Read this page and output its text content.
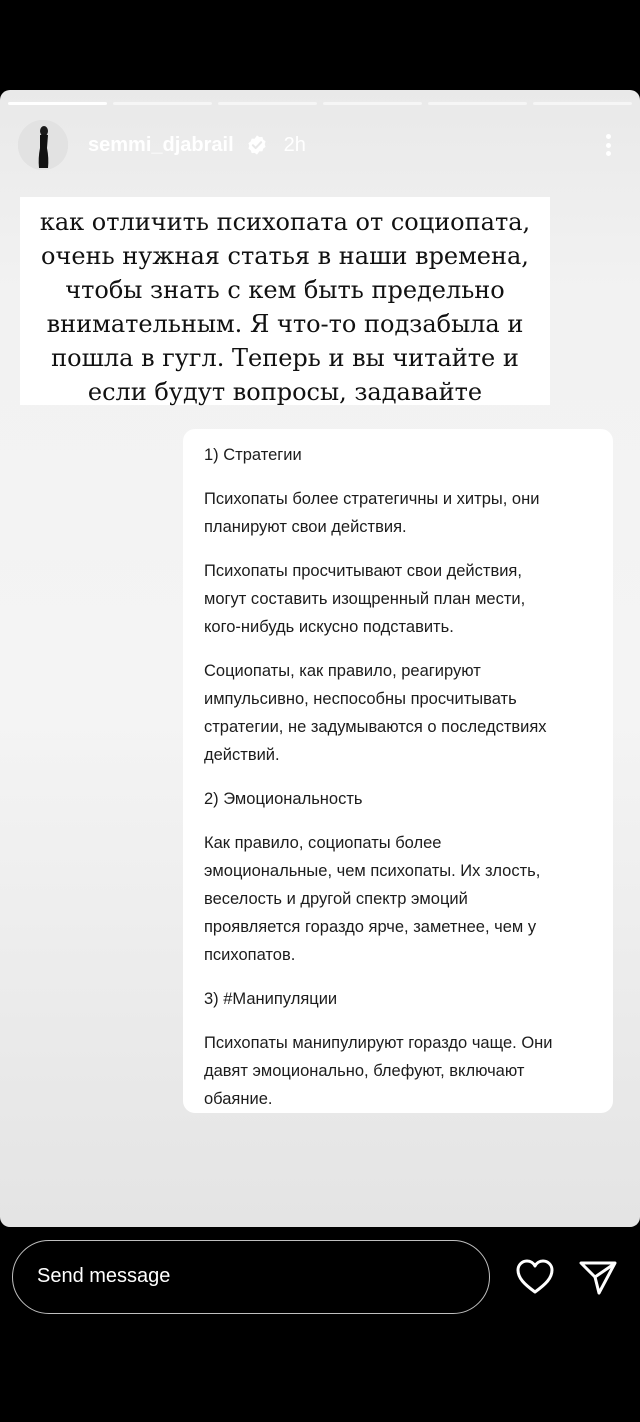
semmi_djabrail	2h
как отличить психопата от социопата,
очень нужная статья в наши времена,
чтобы знать с кем быть предельно
внимательным. Я что-то подзабыла и
пошла в гугл. Теперь и вы читайте и
если будут вопросы, задавайте
1) Стратегии
Психопаты более стратегичны и хитры, они
планируют свои действия.
Психопаты просчитывают свои действия,
могут составить изощренный план мести,
кого-нибудь искусно подставить.
Социопаты, как правило, реагируют
импульсивно, неспособны просчитывать
стратегии, не задумываются о последствиях
действий.
2) Эмоциональность
Как правило, социопаты более
эмоциональные, чем психопаты. Их злость,
веселость и другой спектр эмоций
проявляется гораздо ярче, заметнее, чем у
психопатов.
3) #Манипуляции
Психопаты манипулируют гораздо чаще. Они
давят эмоционально, блефуют, включают
обаяние.
Send message
